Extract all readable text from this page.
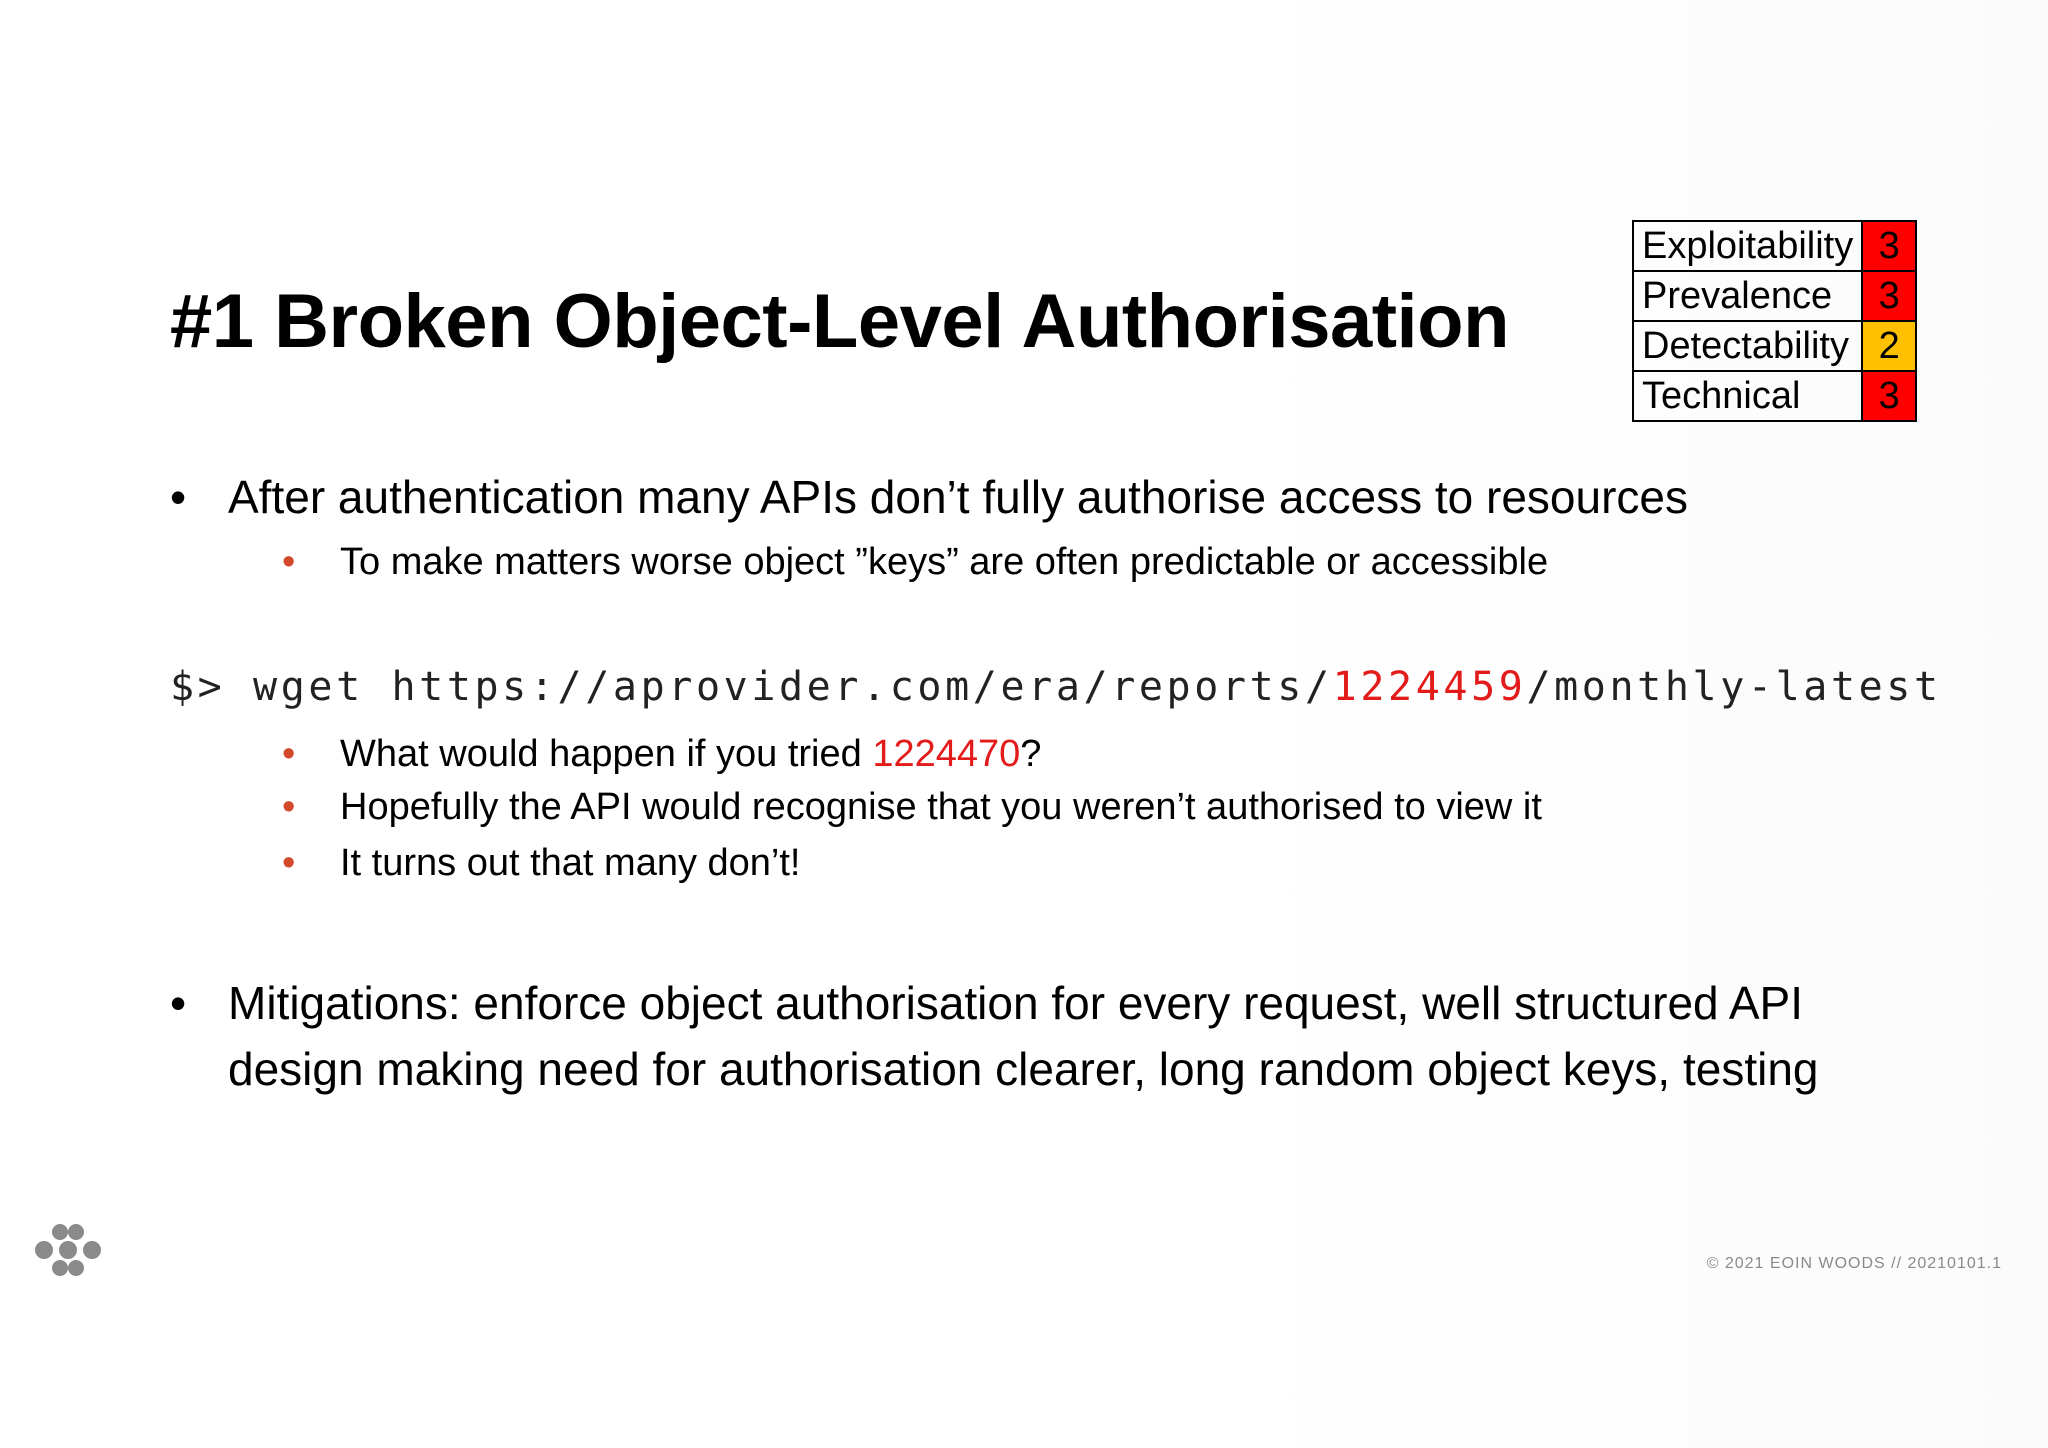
#1 Broken Object-Level Authorisation
Exploitability	3
Prevalence	3
Detectability	2
Technical	3
• After authentication many APIs don’t fully authorise access to resources
•	To make matters worse object ”keys” are often predictable or accessible
$> wget https://aprovider.com/era/reports/1224459/monthly-latest
•	What would happen if you tried 1224470?
•	Hopefully the API would recognise that you weren’t authorised to view it
•	It turns out that many don’t!
• Mitigations: enforce object authorisation for every request, well structured API design making need for authorisation clearer, long random object keys, testing
© 2021 EOIN WOODS // 20210101.1
